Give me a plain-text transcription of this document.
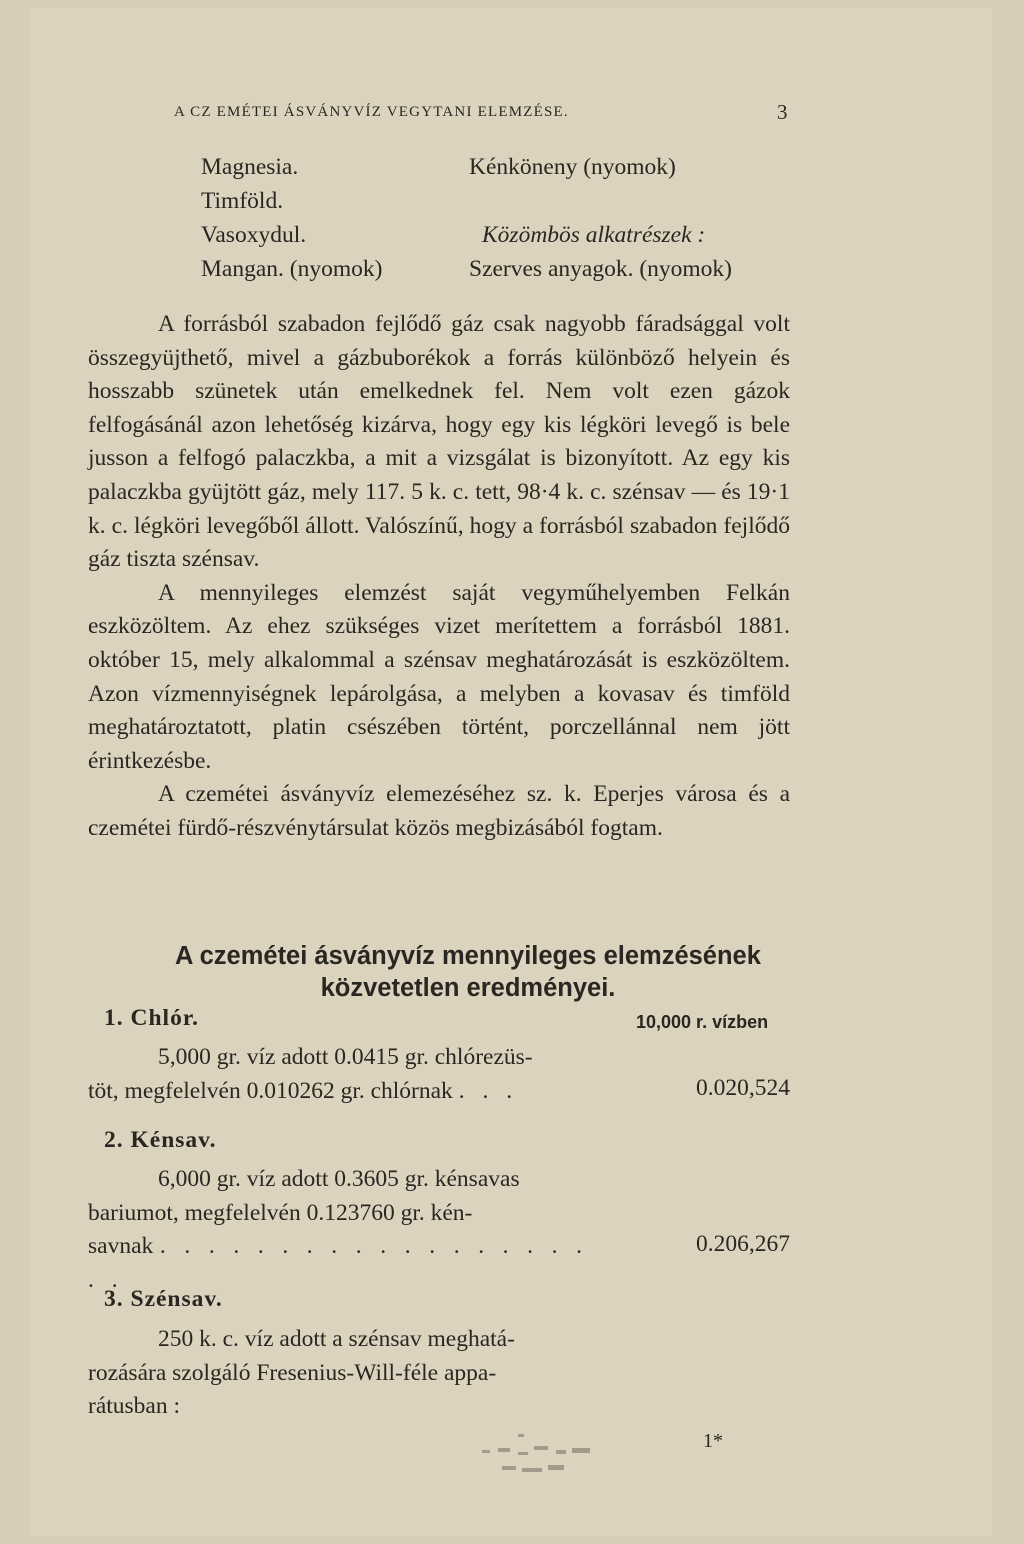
A CZ EMÉTEI ÁSVÁNYVÍZ VEGYTANI ELEMZÉSE.	3
Magnesia.
Timföld.
Vasoxydul.
Mangan. (nyomok)
Kénköneny (nyomok)
Közömbös alkatrészek :
Szerves anyagok. (nyomok)

A forrásból szabadon fejlődő gáz csak nagyobb fáradsággal volt összegyüjthető, mivel a gázbuborékok a forrás különböző helyein és hosszabb szünetek után emelkednek fel. Nem volt ezen gázok felfogásánál azon lehetőség kizárva, hogy egy kis légköri levegő is bele jusson a felfogó palaczkba, a mit a vizsgálat is bizonyított. Az egy kis palaczkba gyüjtött gáz, mely 117. 5 k. c. tett, 98·4 k. c. szénsav — és 19·1 k. c. légköri levegőből állott. Valószínű, hogy a forrásból szabadon fejlődő gáz tiszta szénsav.

A mennyileges elemzést saját vegyműhelyemben Felkán eszközöltem. Az ehez szükséges vizet merítettem a forrásból 1881. október 15, mely alkalommal a szénsav meghatározását is eszközöltem. Azon vízmennyiségnek lepárolgása, a melyben a kovasav és timföld meghatároztatott, platin csészében történt, porczellánnal nem jött érintkezésbe.

A czemétei ásványvíz elemezéséhez sz. k. Eperjes városa és a czemétei fürdő-részvénytársulat közös megbizásából fogtam.

A czemétei ásványvíz mennyileges elemzésének
közvetetlen eredményei.
10,000 r. vízben
1. Chlór.
5,000 gr. víz adott 0.0415 gr. chlórezüs-
töt, megfelelvén 0.010262 gr. chlórnak . . .	0.020,524
2. Kénsav.
6,000 gr. víz adott 0.3605 gr. kénsavas
bariumot, megfelelvén 0.123760 gr. kén-
savnak . . . . . . . . . . . . . . . . . . . .
0.206,267
3. Szénsav.
250 k. c. víz adott a szénsav meghatá-
rozására szolgáló Fresenius-Will-féle appa-
rátusban :
1*
